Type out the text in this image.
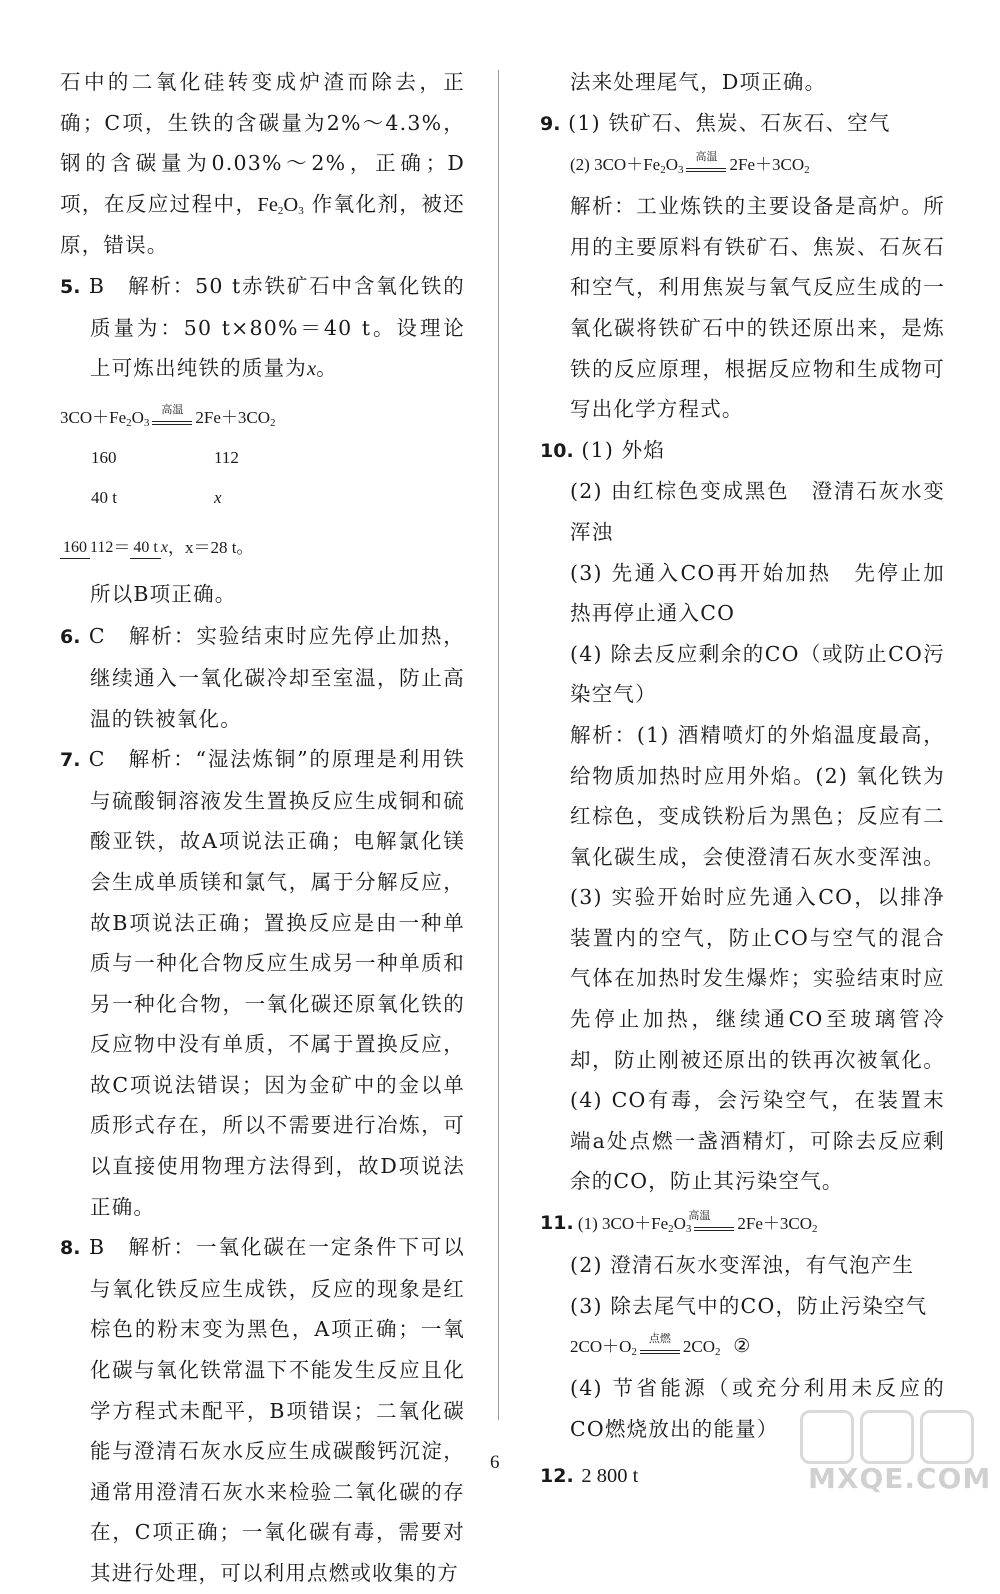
石中的二氧化硅转变成炉渣而除去，正确；C项，生铁的含碳量为2%～4.3%，钢的含碳量为0.03%～2%，正确；D项，在反应过程中，$Fe_2O_3$ 作氧化剂，被还原，错误。

5. B　解析：50 t赤铁矿石中含氧化铁的质量为：50 t×80%＝40 t。设理论上可炼出纯铁的质量为x。

$3CO+Fe_2O_3$
高温 $2Fe+3CO_2$
160	112
40 t	x
160 112＝ 40 t x，x＝28 t。

所以B项正确。

6. C　解析：实验结束时应先停止加热，继续通入一氧化碳冷却至室温，防止高温的铁被氧化。

7. C　解析：“湿法炼铜”的原理是利用铁与硫酸铜溶液发生置换反应生成铜和硫酸亚铁，故A项说法正确；电解氯化镁会生成单质镁和氯气，属于分解反应，故B项说法正确；置换反应是由一种单质与一种化合物反应生成另一种单质和另一种化合物，一氧化碳还原氧化铁的反应物中没有单质，不属于置换反应，故C项说法错误；因为金矿中的金以单质形式存在，所以不需要进行冶炼，可以直接使用物理方法得到，故D项说法正确。

8. B　解析：一氧化碳在一定条件下可以与氧化铁反应生成铁，反应的现象是红棕色的粉末变为黑色，A项正确；一氧化碳与氧化铁常温下不能发生反应且化学方程式未配平，B项错误；二氧化碳能与澄清石灰水反应生成碳酸钙沉淀，通常用澄清石灰水来检验二氧化碳的存在，C项正确；一氧化碳有毒，需要对其进行处理，可以利用点燃或收集的方

法来处理尾气，D项正确。

9. (1) 铁矿石、焦炭、石灰石、空气

(2) $3CO+Fe_2O_3$
高温 $2Fe+3CO_2$

解析：工业炼铁的主要设备是高炉。所用的主要原料有铁矿石、焦炭、石灰石和空气，利用焦炭与氧气反应生成的一氧化碳将铁矿石中的铁还原出来，是炼铁的反应原理，根据反应物和生成物可写出化学方程式。

10. (1) 外焰

(2) 由红棕色变成黑色　澄清石灰水变浑浊

(3) 先通入CO再开始加热　先停止加热再停止通入CO

(4) 除去反应剩余的CO（或防止CO污染空气）

解析：(1) 酒精喷灯的外焰温度最高，给物质加热时应用外焰。(2) 氧化铁为红棕色，变成铁粉后为黑色；反应有二氧化碳生成，会使澄清石灰水变浑浊。(3) 实验开始时应先通入CO，以排净装置内的空气，防止CO与空气的混合气体在加热时发生爆炸；实验结束时应先停止加热，继续通CO至玻璃管冷却，防止刚被还原出的铁再次被氧化。(4) CO有毒，会污染空气，在装置末端a处点燃一盏酒精灯，可除去反应剩余的CO，防止其污染空气。

11. (1) $3CO+Fe_2O_3$
高温	$2Fe+3CO_2$

(2) 澄清石灰水变浑浊，有气泡产生

(3) 除去尾气中的CO，防止污染空气

$2CO+O_2$
点燃 $2CO_2$ ②

(4) 节省能源（或充分利用未反应的CO燃烧放出的能量）

12. 2 800 t

6	MXQE.COM
